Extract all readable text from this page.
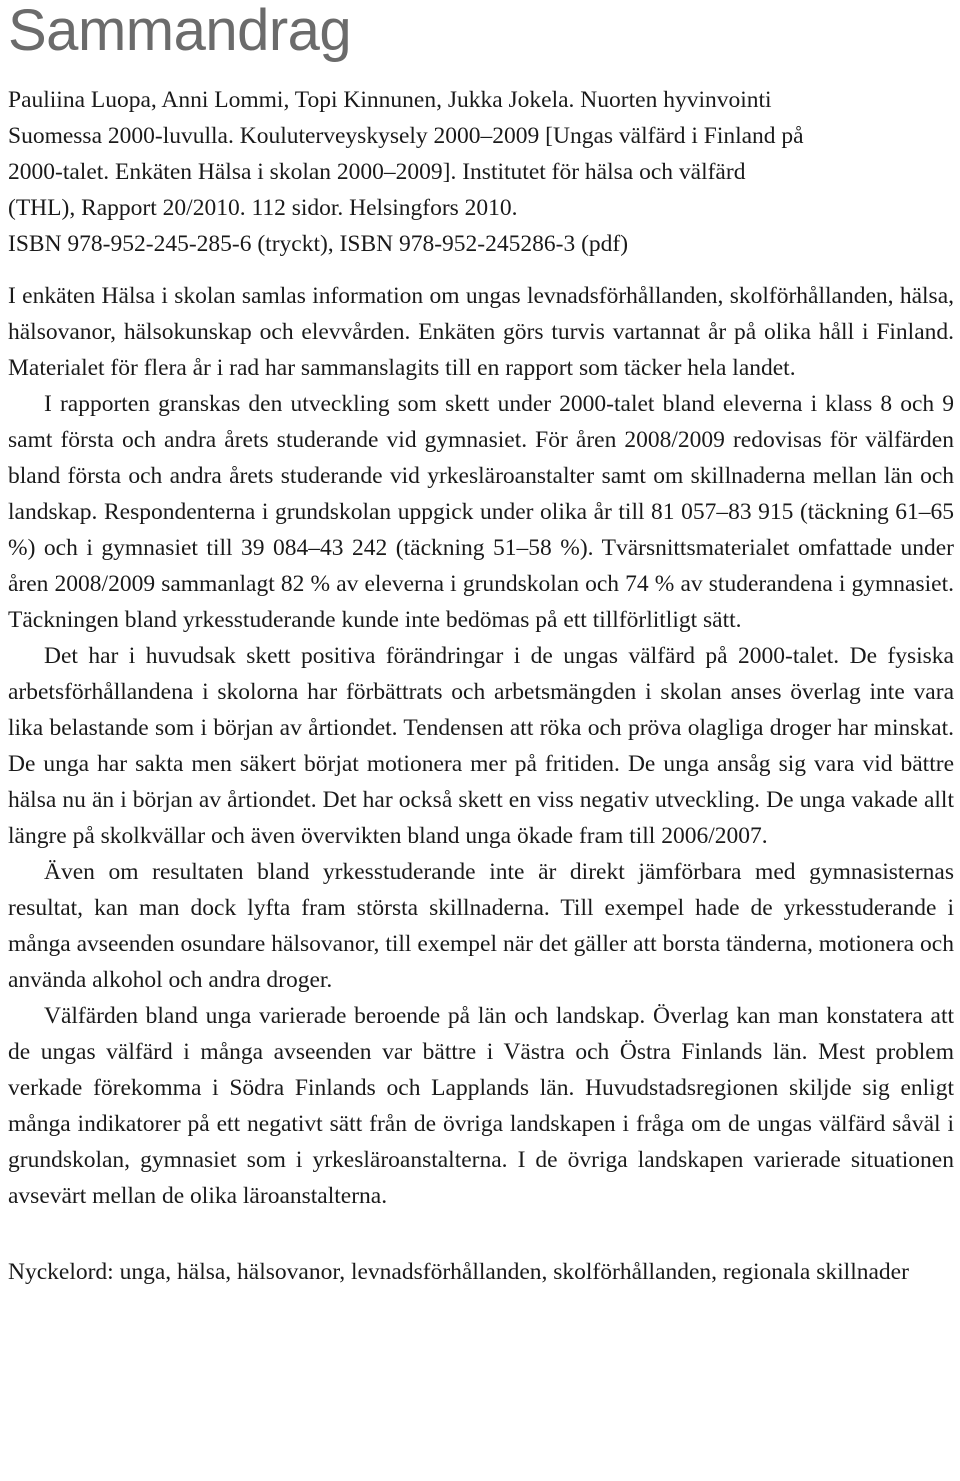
Sammandrag
Pauliina Luopa, Anni Lommi, Topi Kinnunen, Jukka Jokela. Nuorten hyvinvointi
Suomessa 2000-luvulla. Kouluterveyskysely 2000–2009 [Ungas välfärd i Finland på
2000-talet. Enkäten Hälsa i skolan 2000–2009]. Institutet för hälsa och välfärd
(THL), Rapport 20/2010. 112 sidor. Helsingfors 2010.
ISBN 978-952-245-285-6 (tryckt), ISBN 978-952-245286-3 (pdf)

I enkäten Hälsa i skolan samlas information om ungas levnadsförhållanden, skolförhållanden, hälsa, hälsovanor, hälsokunskap och elevvården. Enkäten görs turvis vartannat år på olika håll i Finland. Materialet för flera år i rad har sammanslagits till en rapport som täcker hela landet.

I rapporten granskas den utveckling som skett under 2000-talet bland eleverna i klass 8 och 9 samt första och andra årets studerande vid gymnasiet. För åren 2008/2009 redovisas för välfärden bland första och andra årets studerande vid yrkesläroanstalter samt om skillnaderna mellan län och landskap. Respondenterna i grundskolan uppgick under olika år till 81 057–83 915 (täckning 61–65 %) och i gymnasiet till 39 084–43 242 (täckning 51–58 %). Tvärsnittsmaterialet omfattade under åren 2008/2009 sammanlagt 82 % av eleverna i grundskolan och 74 % av studerandena i gymnasiet. Täckningen bland yrkesstuderande kunde inte bedömas på ett tillförlitligt sätt.

Det har i huvudsak skett positiva förändringar i de ungas välfärd på 2000-talet. De fysiska arbetsförhållandena i skolorna har förbättrats och arbetsmängden i skolan anses överlag inte vara lika belastande som i början av årtiondet. Tendensen att röka och pröva olagliga droger har minskat. De unga har sakta men säkert börjat motionera mer på fritiden. De unga ansåg sig vara vid bättre hälsa nu än i början av årtiondet. Det har också skett en viss negativ utveckling. De unga vakade allt längre på skolkvällar och även övervikten bland unga ökade fram till 2006/2007.

Även om resultaten bland yrkesstuderande inte är direkt jämförbara med gymnasisternas resultat, kan man dock lyfta fram största skillnaderna. Till exempel hade de yrkesstuderande i många avseenden osundare hälsovanor, till exempel när det gäller att borsta tänderna, motionera och använda alkohol och andra droger.

Välfärden bland unga varierade beroende på län och landskap. Överlag kan man konstatera att de ungas välfärd i många avseenden var bättre i Västra och Östra Finlands län. Mest problem verkade förekomma i Södra Finlands och Lapplands län. Huvudstadsregionen skiljde sig enligt många indikatorer på ett negativt sätt från de övriga landskapen i fråga om de ungas välfärd såväl i grundskolan, gymnasiet som i yrkesläroanstalterna. I de övriga landskapen varierade situationen avsevärt mellan de olika läroanstalterna.

Nyckelord: unga, hälsa, hälsovanor, levnadsförhållanden, skolförhållanden, regionala skillnader
